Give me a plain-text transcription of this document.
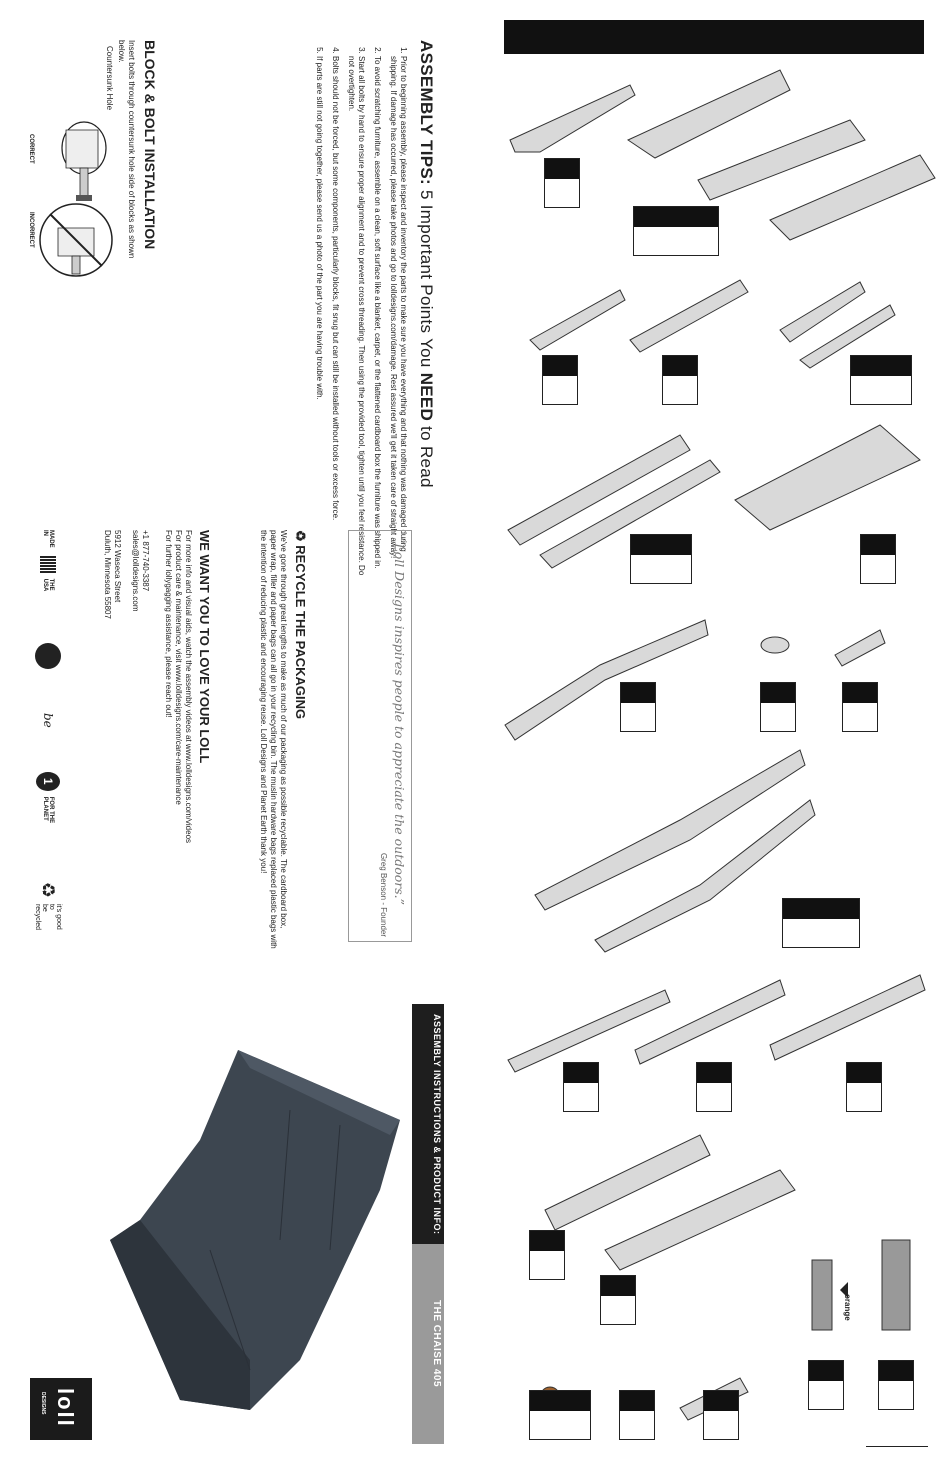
ASSEMBLY TIPS: 5 Important Points You NEED to Read
1. Prior to beginning assembly, please inspect and inventory the parts to make sure you have everything and that nothing was damaged during shipping. If damage has occurred, please take photos and go to lolldesigns.com/damage. Rest assured we'll get it taken care of straight away!
2. To avoid scratching furniture, assemble on a clean, soft surface like a blanket, carpet, or the flattened cardboard box the furniture was shipped in.
3. Start all bolts by hand to ensure proper alignment and to prevent cross threading. Then using the provided tool, tighten until you feel resistance. Do not overtighten.
4. Bolts should not be forced, but some components, particularly blocks, fit snug but can still be installed without tools or excess force.
5. If parts are still not going together, please send us a photo of the part you are having trouble with.
BLOCK & BOLT INSTALLATION

Insert bolts through countersunk hole side of blocks as shown below.

Countersunk Hole
CORRECT
INCORRECT
“Loll Designs inspires people to appreciate the outdoors.”
Greg Benson - Founder
♻ RECYCLE THE PACKAGING

We've gone through great lengths to make as much of our packaging as possible recyclable. The cardboard box, paper wrap, filler and paper bags can all go in your recycling bin. The muslin hardware bags replaced plastic bags with the intention of reducing plastic and encouraging reuse. Loll Designs and Planet Earth thank you!

WE WANT YOU TO LOVE YOUR LOLL

For more info and visual aids, watch the assembly videos at www.lolldesigns.com/videos

For product care & maintenance, visit www.lolldesigns.com/care-maintenance

For further lollygagging assistance, please reach out!

+1 877-740-3387
sales@lolldesigns.com
5912 Waseca Street
Duluth, Minnesota 55807
MADE IN
THE USA
be
1
FOR THE PLANET
♻
it's good to
be recycled
loll
DESIGNS
ASSEMBLY INSTRUCTIONS & PRODUCT INFO:
THE CHAISE 405	orange
